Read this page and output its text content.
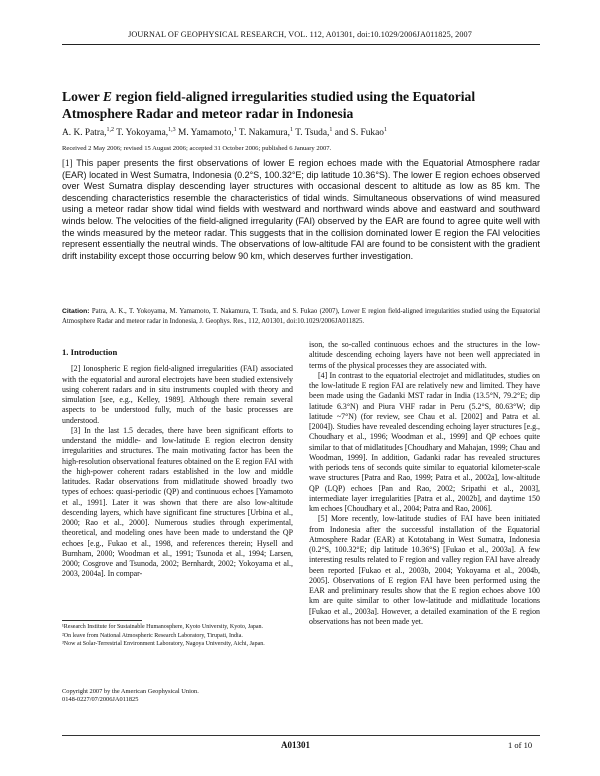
JOURNAL OF GEOPHYSICAL RESEARCH, VOL. 112, A01301, doi:10.1029/2006JA011825, 2007
Lower E region field-aligned irregularities studied using the Equatorial Atmosphere Radar and meteor radar in Indonesia
A. K. Patra,$^{1,2}$ T. Yokoyama,$^{1,3}$ M. Yamamoto,$^1$ T. Nakamura,$^1$ T. Tsuda,$^1$ and S. Fukao$^1$
Received 2 May 2006; revised 15 August 2006; accepted 31 October 2006; published 6 January 2007.
[1] This paper presents the first observations of lower E region echoes made with the Equatorial Atmosphere radar (EAR) located in West Sumatra, Indonesia (0.2°S, 100.32°E; dip latitude 10.36°S). The lower E region echoes observed over West Sumatra display descending layer structures with occasional descent to altitude as low as 85 km. The descending characteristics resemble the characteristics of tidal winds. Simultaneous observations of wind measured using a meteor radar show tidal wind fields with westward and northward winds above and eastward and southward winds below. The velocities of the field-aligned irregularity (FAI) observed by the EAR are found to agree quite well with the winds measured by the meteor radar. This suggests that in the collision dominated lower E region the FAI velocities represent essentially the neutral winds. The observations of low-altitude FAI are found to be consistent with the gradient drift instability except those occurring below 90 km, which deserves further investigation.
Citation: Patra, A. K., T. Yokoyama, M. Yamamoto, T. Nakamura, T. Tsuda, and S. Fukao (2007), Lower E region field-aligned irregularities studied using the Equatorial Atmosphere Radar and meteor radar in Indonesia, J. Geophys. Res., 112, A01301, doi:10.1029/2006JA011825.
1. Introduction

[2] Ionospheric E region field-aligned irregularities (FAI) associated with the equatorial and auroral electrojets have been studied extensively using coherent radars and in situ instruments coupled with theory and simulation [see, e.g., Kelley, 1989]. Although there remain several aspects to be understood fully, much of the basic processes are understood.

[3] In the last 1.5 decades, there have been significant efforts to understand the middle- and low-latitude E region electron density irregularities and structures. The main motivating factor has been the high-resolution observational features obtained on the E region FAI with the high-power coherent radars established in the low and middle latitudes. Radar observations from midlatitude showed broadly two types of echoes: quasi-periodic (QP) and continuous echoes [Yamamoto et al., 1991]. Later it was shown that there are also low-altitude descending layers, which have significant fine structures [Urbina et al., 2000; Rao et al., 2000]. Numerous studies through experimental, theoretical, and modeling ones have been made to understand the QP echoes [e.g., Fukao et al., 1998, and references therein; Hysell and Burnham, 2000; Woodman et al., 1991; Tsunoda et al., 1994; Larsen, 2000; Cosgrove and Tsunoda, 2002; Bernhardt, 2002; Yokoyama et al., 2003, 2004a]. In compar-

¹Research Institute for Sustainable Humanosphere, Kyoto University, Kyoto, Japan.
²On leave from National Atmospheric Research Laboratory, Tirupati, India.
³Now at Solar-Terrestrial Environment Laboratory, Nagoya University, Aichi, Japan.
Copyright 2007 by the American Geophysical Union.
0148-0227/07/2006JA011825

ison, the so-called continuous echoes and the structures in the low-altitude descending echoing layers have not been well appreciated in terms of the physical processes they are associated with.

[4] In contrast to the equatorial electrojet and midlatitudes, studies on the low-latitude E region FAI are relatively new and limited. They have been made using the Gadanki MST radar in India (13.5°N, 79.2°E; dip latitude 6.3°N) and Piura VHF radar in Peru (5.2°S, 80.63°W; dip latitude ~7°N) (for review, see Chau et al. [2002] and Patra et al. [2004]). Studies have revealed descending echoing layer structures [e.g., Choudhary et al., 1996; Woodman et al., 1999] and QP echoes quite similar to that of midlatitudes [Choudhary and Mahajan, 1999; Chau and Woodman, 1999]. In addition, Gadanki radar has revealed structures with periods tens of seconds quite similar to equatorial kilometer-scale wave structures [Patra and Rao, 1999; Patra et al., 2002a], low-altitude QP (LQP) echoes [Pan and Rao, 2002; Sripathi et al., 2003], intermediate layer irregularities [Patra et al., 2002b], and daytime 150 km echoes [Choudhary et al., 2004; Patra and Rao, 2006].

[5] More recently, low-latitude studies of FAI have been initiated from Indonesia after the successful installation of the Equatorial Atmosphere Radar (EAR) at Kototabang in West Sumatra, Indonesia (0.2°S, 100.32°E; dip latitude 10.36°S) [Fukao et al., 2003a]. A few interesting results related to F region and valley region FAI have already been reported [Fukao et al., 2003b, 2004; Yokoyama et al., 2004b, 2005]. Observations of E region FAI have been performed using the EAR and preliminary results show that the E region echoes above 100 km are quite similar to other low-latitude and midlatitude locations [Fukao et al., 2003a]. However, a detailed examination of the E region observations has not been made yet.

A01301	1 of 10
